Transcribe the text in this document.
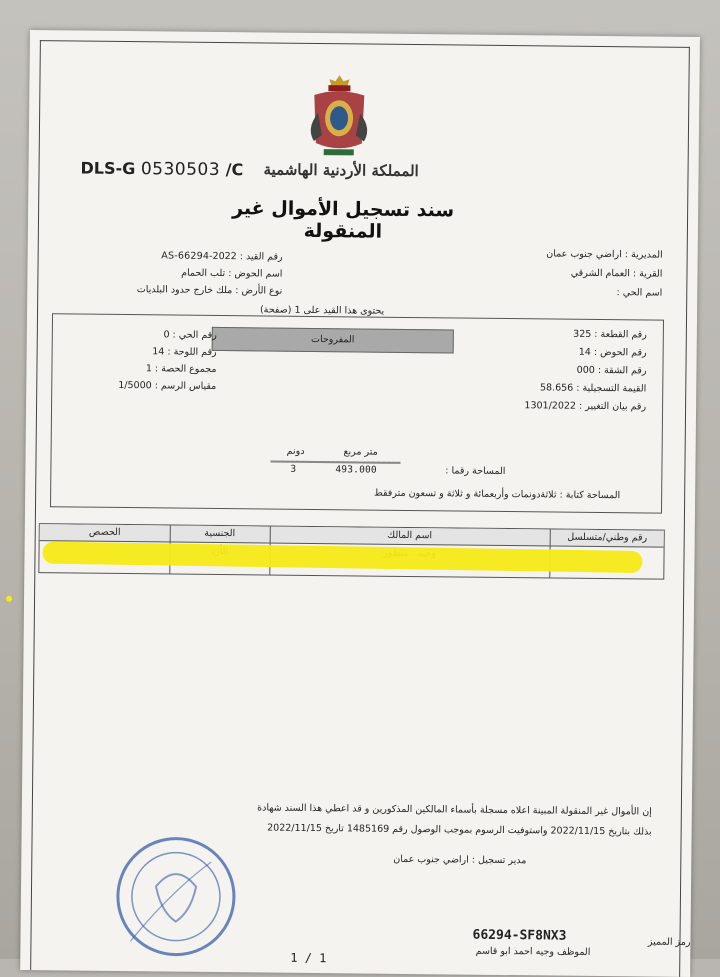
DLS-G 0530503 /C المملكة الأردنية الهاشمية
سند تسجيل الأموال غير المنقولة
المديرية : اراضي جنوب عمان
القرية : العمام الشرقي
اسم الحي :
رقم القيد : 2022-AS-66294
اسم الحوض : تلب الحمام
نوع الأرض : ملك خارج حدود البلديات
يحتوى هذا القيد على 1 (صفحة)
المفروحات	رقم القطعة : 325
رقم الحوض : 14
رقم الشقة : 000
القيمة التسجيلية : 58.656
رقم بيان التغيير : 1301/2022
رقم الحي : 0
رقم اللوحة : 14
مجموع الحصة : 1
مقياس الرسم : 1/5000
متر مربع
دونم
المساحة رقما :
493.000
3
المساحة كتابة : ثلاثةدونمات وأربعمائة و ثلاثة و تسعون مترفقط
رقم وطني/متسلسل
اسم المالك
الجنسية
الحصص
إن الأموال غير المنقولة المبينة اعلاه مسجلة بأسماء المالكين المذكورين و قد اعطي هذا السند شهادة
بذلك بتاريخ 2022/11/15 واستوفيت الرسوم بموجب الوصول رقم 1485169 تاريخ 2022/11/15
مدير تسجيل : اراضي جنوب عمان
رمز المميز
66294-SF8NX3
الموظف وجيه احمد ابو قاسم
1 / 1
